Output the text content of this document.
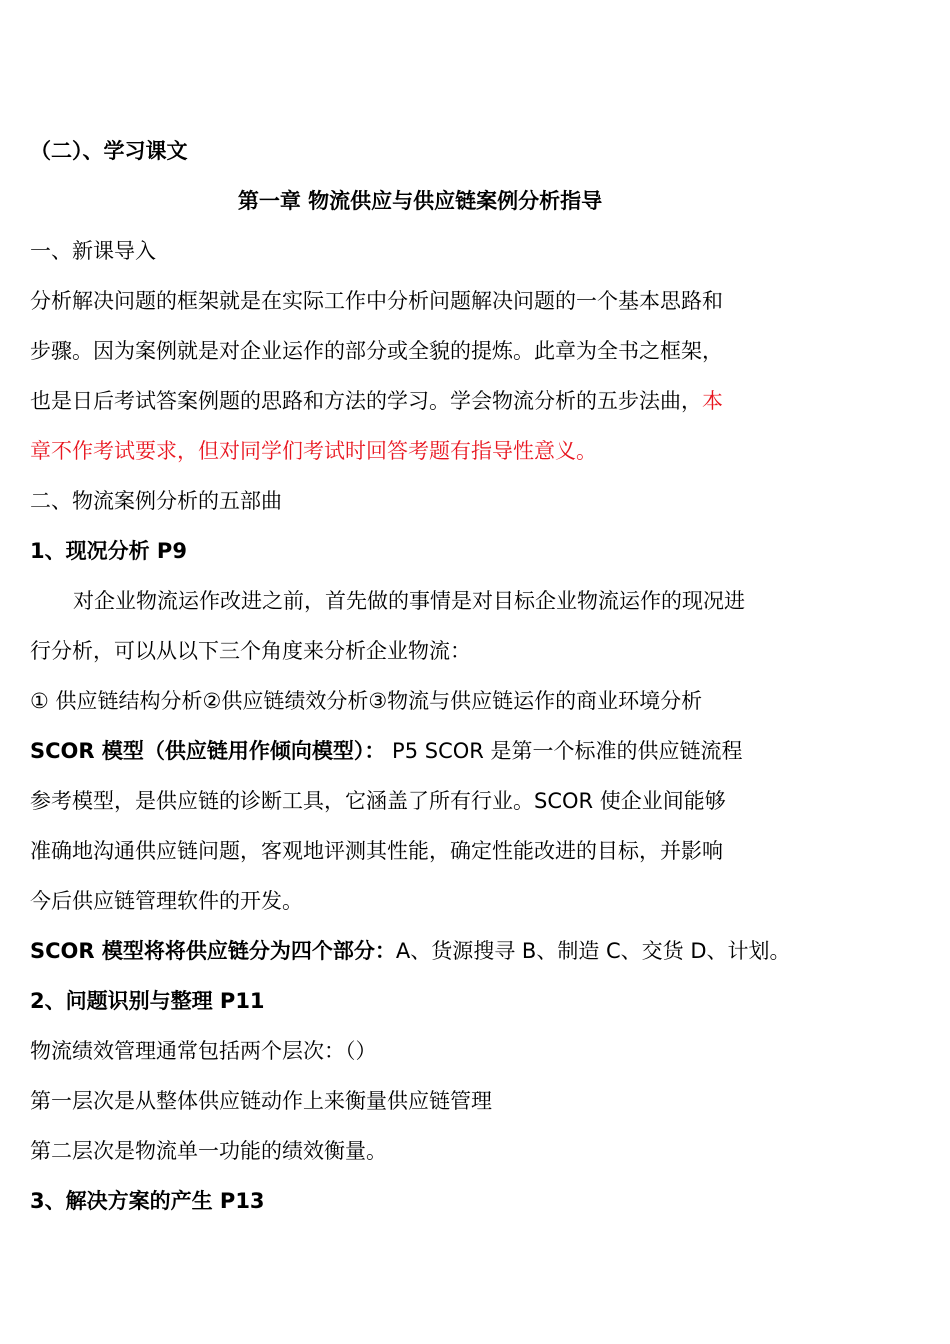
（二）、学习课文
第一章 物流供应与供应链案例分析指导
一、新课导入
分析解决问题的框架就是在实际工作中分析问题解决问题的一个基本思路和
步骤。因为案例就是对企业运作的部分或全貌的提炼。此章为全书之框架，
也是日后考试答案例题的思路和方法的学习。学会物流分析的五步法曲，本
章不作考试要求，但对同学们考试时回答考题有指导性意义。
二、物流案例分析的五部曲
1、现况分析 P9
对企业物流运作改进之前，首先做的事情是对目标企业物流运作的现况进
行分析，可以从以下三个角度来分析企业物流：
① 供应链结构分析②供应链绩效分析③物流与供应链运作的商业环境分析
SCOR 模型（供应链用作倾向模型）： P5 SCOR 是第一个标准的供应链流程
参考模型，是供应链的诊断工具，它涵盖了所有行业。SCOR 使企业间能够
准确地沟通供应链问题，客观地评测其性能，确定性能改进的目标，并影响
今后供应链管理软件的开发。
SCOR 模型将将供应链分为四个部分：A、货源搜寻 B、制造 C、交货 D、计划。
2、问题识别与整理 P11
物流绩效管理通常包括两个层次：（）
第一层次是从整体供应链动作上来衡量供应链管理
第二层次是物流单一功能的绩效衡量。
3、解决方案的产生 P13
